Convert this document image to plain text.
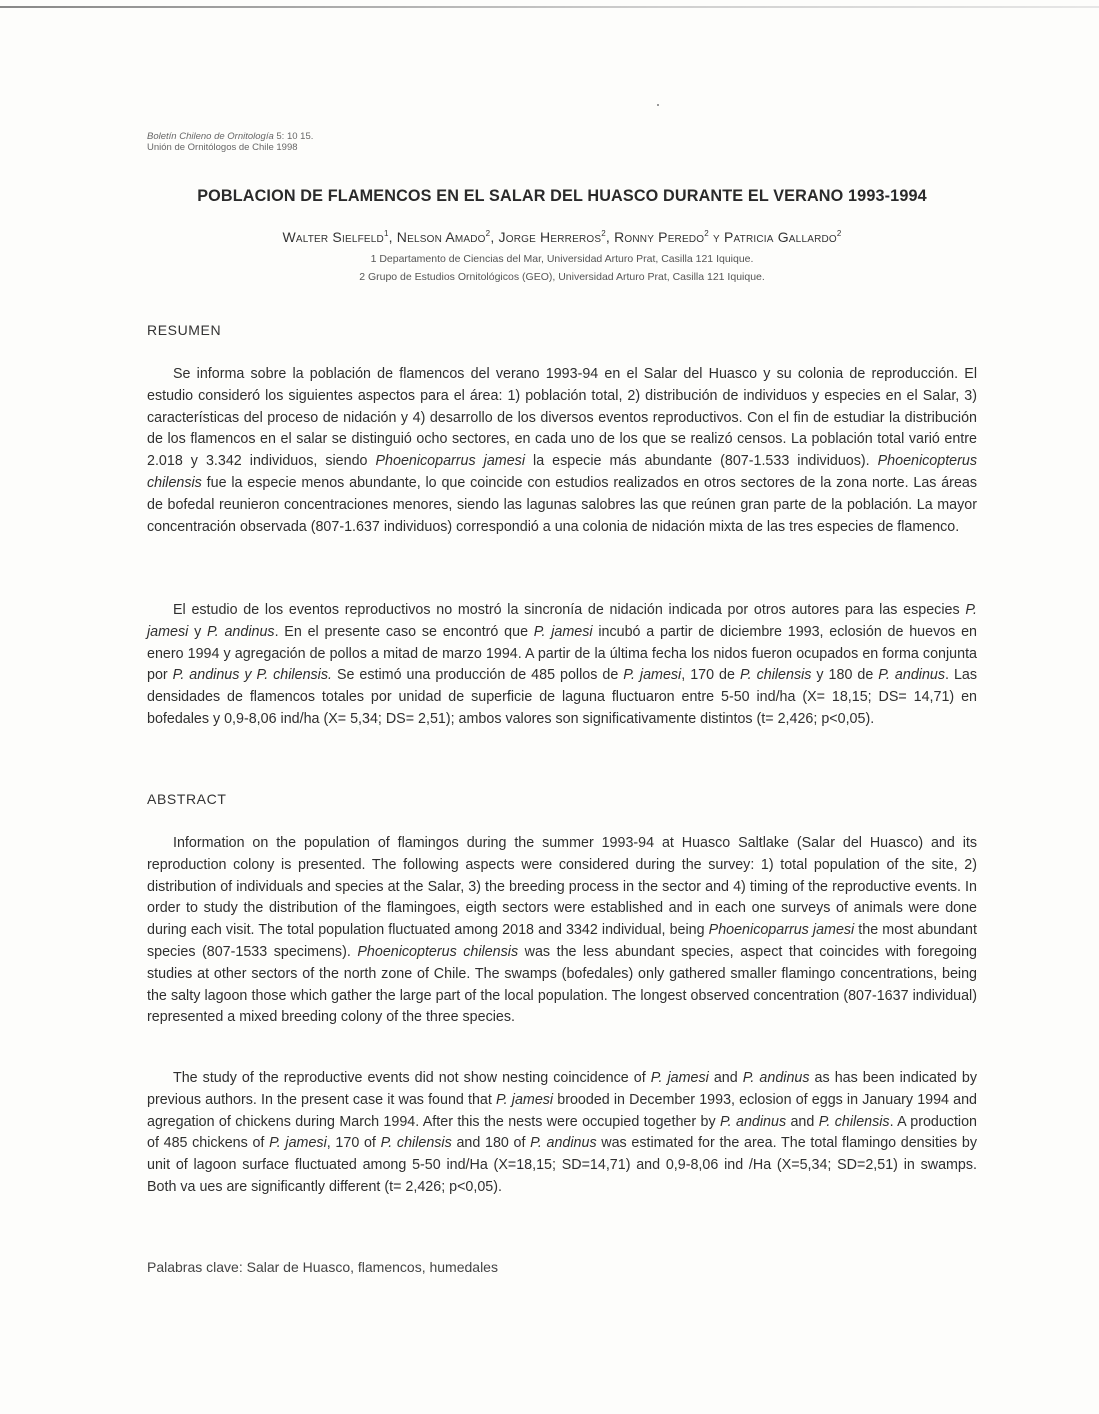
Boletín Chileno de Ornitología 5: 10 15.
Unión de Ornitólogos de Chile 1998
POBLACION DE FLAMENCOS EN EL SALAR DEL HUASCO DURANTE EL VERANO 1993-1994
Walter Sielfeld$^1$, Nelson Amado$^2$, Jorge Herreros$^2$, Ronny Peredo$^2$ y Patricia Gallardo$^2$
1 Departamento de Ciencias del Mar, Universidad Arturo Prat, Casilla 121 Iquique.
2 Grupo de Estudios Ornitológicos (GEO), Universidad Arturo Prat, Casilla 121 Iquique.
RESUMEN

Se informa sobre la población de flamencos del verano 1993-94 en el Salar del Huasco y su colonia de reproducción. El estudio consideró los siguientes aspectos para el área: 1) población total, 2) distribución de individuos y especies en el Salar, 3) características del proceso de nidación y 4) desarrollo de los diversos eventos reproductivos. Con el fin de estudiar la distribución de los flamencos en el salar se distinguió ocho sectores, en cada uno de los que se realizó censos. La población total varió entre 2.018 y 3.342 individuos, siendo Phoenicoparrus jamesi la especie más abundante (807-1.533 individuos). Phoenicopterus chilensis fue la especie menos abundante, lo que coincide con estudios realizados en otros sectores de la zona norte. Las áreas de bofedal reunieron concentraciones menores, siendo las lagunas salobres las que reúnen gran parte de la población. La mayor concentración observada (807-1.637 individuos) correspondió a una colonia de nidación mixta de las tres especies de flamenco.

El estudio de los eventos reproductivos no mostró la sincronía de nidación indicada por otros autores para las especies P. jamesi y P. andinus. En el presente caso se encontró que P. jamesi incubó a partir de diciembre 1993, eclosión de huevos en enero 1994 y agregación de pollos a mitad de marzo 1994. A partir de la última fecha los nidos fueron ocupados en forma conjunta por P. andinus y P. chilensis. Se estimó una producción de 485 pollos de P. jamesi, 170 de P. chilensis y 180 de P. andinus. Las densidades de flamencos totales por unidad de superficie de laguna fluctuaron entre 5-50 ind/ha (X= 18,15; DS= 14,71) en bofedales y 0,9-8,06 ind/ha (X= 5,34; DS= 2,51); ambos valores son significativamente distintos (t= 2,426; p<0,05).

ABSTRACT

Information on the population of flamingos during the summer 1993-94 at Huasco Saltlake (Salar del Huasco) and its reproduction colony is presented. The following aspects were considered during the survey: 1) total population of the site, 2) distribution of individuals and species at the Salar, 3) the breeding process in the sector and 4) timing of the reproductive events. In order to study the distribution of the flamingoes, eigth sectors were established and in each one surveys of animals were done during each visit. The total population fluctuated among 2018 and 3342 individual, being Phoenicoparrus jamesi the most abundant species (807-1533 specimens). Phoenicopterus chilensis was the less abundant species, aspect that coincides with foregoing studies at other sectors of the north zone of Chile. The swamps (bofedales) only gathered smaller flamingo concentrations, being the salty lagoon those which gather the large part of the local population. The longest observed concentration (807-1637 individual) represented a mixed breeding colony of the three species.

The study of the reproductive events did not show nesting coincidence of P. jamesi and P. andinus as has been indicated by previous authors. In the present case it was found that P. jamesi brooded in December 1993, eclosion of eggs in January 1994 and agregation of chickens during March 1994. After this the nests were occupied together by P. andinus and P. chilensis. A production of 485 chickens of P. jamesi, 170 of P. chilensis and 180 of P. andinus was estimated for the area. The total flamingo densities by unit of lagoon surface fluctuated among 5-50 ind/Ha (X=18,15; SD=14,71) and 0,9-8,06 ind /Ha (X=5,34; SD=2,51) in swamps. Both va ues are significantly different (t= 2,426; p<0,05).

Palabras clave: Salar de Huasco, flamencos, humedales
